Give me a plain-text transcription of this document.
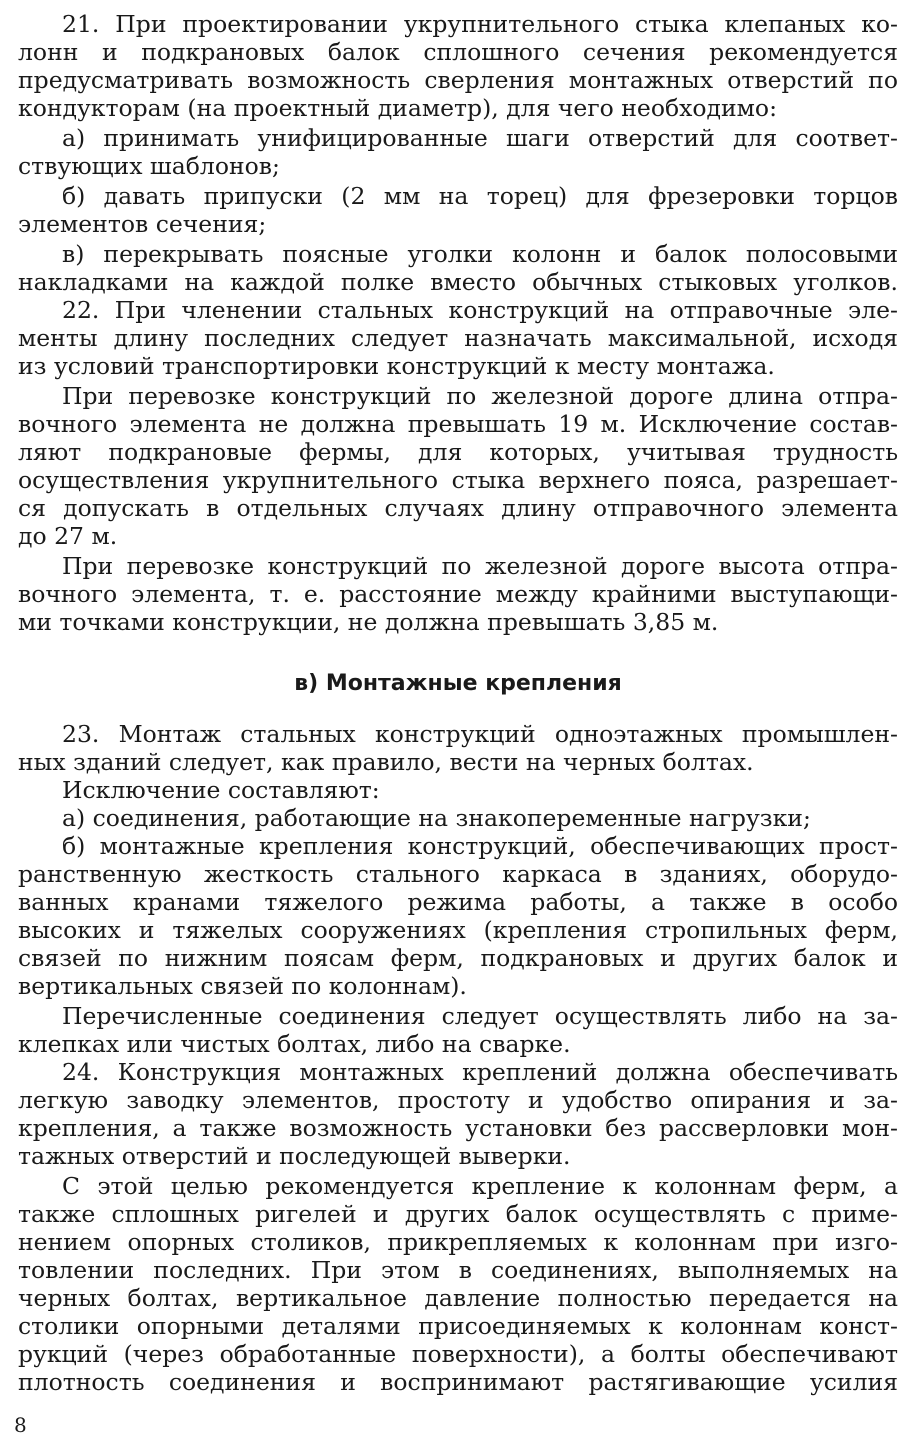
21. При проектировании укрупнительного стыка клепаных ко-
лонн и подкрановых балок сплошного сечения рекомендуется
предусматривать возможность сверления монтажных отверстий по
кондукторам (на проектный диаметр), для чего необходимо:
а) принимать унифицированные шаги отверстий для соответ-
ствующих шаблонов;
б) давать припуски (2 мм на торец) для фрезеровки торцов
элементов сечения;
в) перекрывать поясные уголки колонн и балок полосовыми
накладками на каждой полке вместо обычных стыковых уголков.
22. При членении стальных конструкций на отправочные эле-
менты длину последних следует назначать максимальной, исходя
из условий транспортировки конструкций к месту монтажа.
При перевозке конструкций по железной дороге длина отпра-
вочного элемента не должна превышать 19 м. Исключение состав-
ляют подкрановые фермы, для которых, учитывая трудность
осуществления укрупнительного стыка верхнего пояса, разрешает-
ся допускать в отдельных случаях длину отправочного элемента
до 27 м.
При перевозке конструкций по железной дороге высота отпра-
вочного элемента, т. е. расстояние между крайними выступающи-
ми точками конструкции, не должна превышать 3,85 м.
в) Монтажные крепления
23. Монтаж стальных конструкций одноэтажных промышлен-
ных зданий следует, как правило, вести на черных болтах.
Исключение составляют:
а) соединения, работающие на знакопеременные нагрузки;
б) монтажные крепления конструкций, обеспечивающих прост-
ранственную жесткость стального каркаса в зданиях, оборудо-
ванных кранами тяжелого режима работы, а также в особо
высоких и тяжелых сооружениях (крепления стропильных ферм,
связей по нижним поясам ферм, подкрановых и других балок и
вертикальных связей по колоннам).
Перечисленные соединения следует осуществлять либо на за-
клепках или чистых болтах, либо на сварке.
24. Конструкция монтажных креплений должна обеспечивать
легкую заводку элементов, простоту и удобство опирания и за-
крепления, а также возможность установки без рассверловки мон-
тажных отверстий и последующей выверки.
С этой целью рекомендуется крепление к колоннам ферм, а
также сплошных ригелей и других балок осуществлять с приме-
нением опорных столиков, прикрепляемых к колоннам при изго-
товлении последних. При этом в соединениях, выполняемых на
черных болтах, вертикальное давление полностью передается на
столики опорными деталями присоединяемых к колоннам конст-
рукций (через обработанные поверхности), а болты обеспечивают
плотность соединения и воспринимают растягивающие усилия
8
